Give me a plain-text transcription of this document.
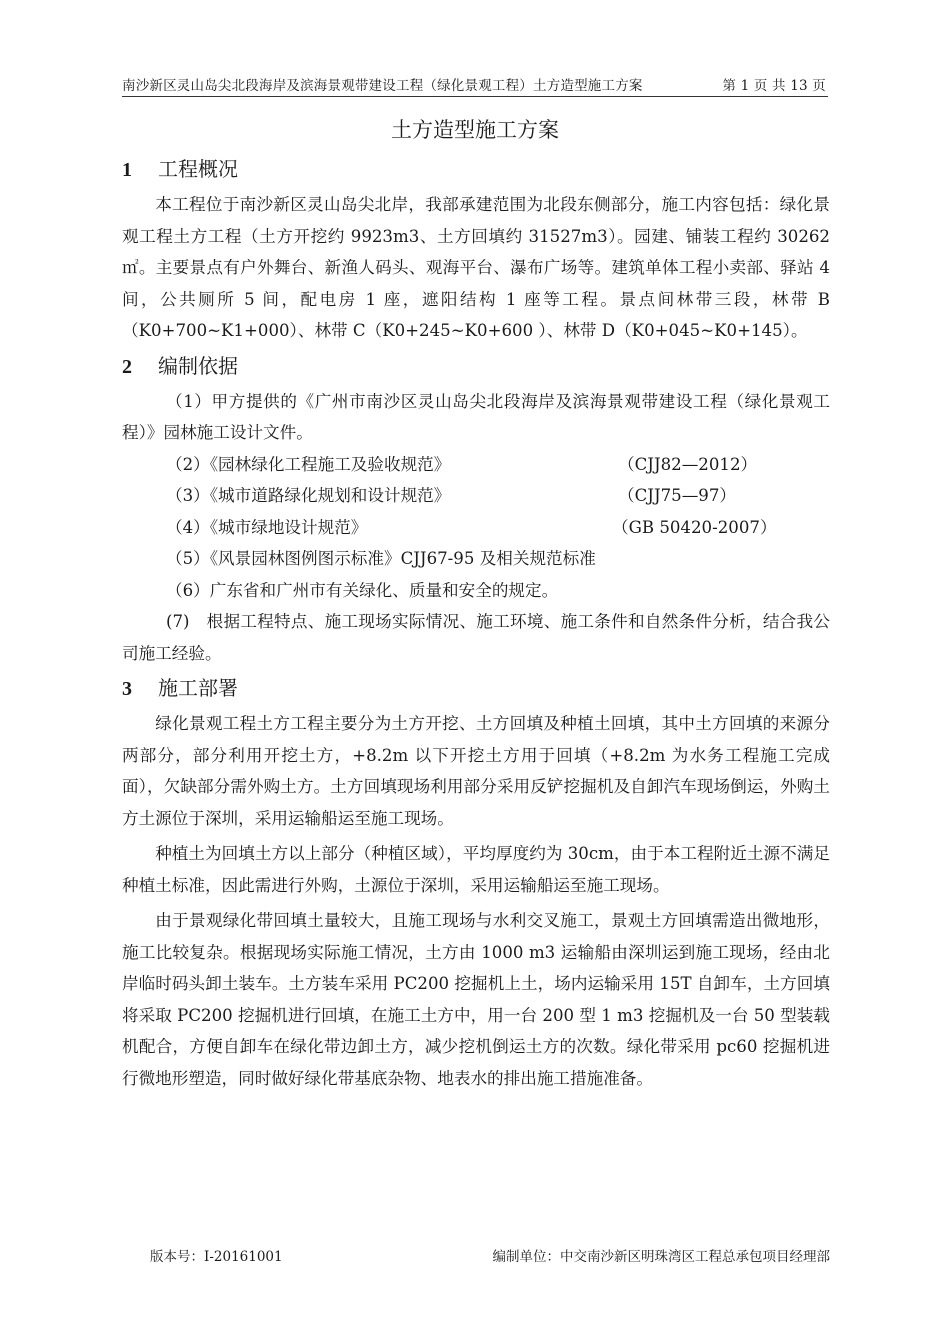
南沙新区灵山岛尖北段海岸及滨海景观带建设工程（绿化景观工程）土方造型施工方案	第 1 页 共 13 页
土方造型施工方案

1 工程概况

本工程位于南沙新区灵山岛尖北岸，我部承建范围为北段东侧部分，施工内容包括：绿化景观工程土方工程（土方开挖约 9923m3、土方回填约 31527m3）。园建、铺装工程约 30262 ㎡。主要景点有户外舞台、新渔人码头、观海平台、瀑布广场等。建筑单体工程小卖部、驿站 4 间，公共厕所 5 间，配电房 1 座，遮阳结构 1 座等工程。景点间林带三段，林带 B（K0+700~K1+000）、林带 C（K0+245~K0+600 ）、林带 D（K0+045~K0+145）。

2 编制依据

（1）甲方提供的《广州市南沙区灵山岛尖北段海岸及滨海景观带建设工程（绿化景观工程）》园林施工设计文件。

（2）《园林绿化工程施工及验收规范》	（CJJ82—2012）
（3）《城市道路绿化规划和设计规范》	（CJJ75—97）
（4）《城市绿地设计规范》	（GB 50420-2007）

（5）《风景园林图例图示标准》CJJ67-95 及相关规范标准

（6）广东省和广州市有关绿化、质量和安全的规定。

(7)　根据工程特点、施工现场实际情况、施工环境、施工条件和自然条件分析，结合我公司施工经验。

3 施工部署

绿化景观工程土方工程主要分为土方开挖、土方回填及种植土回填，其中土方回填的来源分两部分，部分利用开挖土方，+8.2m 以下开挖土方用于回填（+8.2m 为水务工程施工完成面），欠缺部分需外购土方。土方回填现场利用部分采用反铲挖掘机及自卸汽车现场倒运，外购土方土源位于深圳，采用运输船运至施工现场。

种植土为回填土方以上部分（种植区域），平均厚度约为 30cm，由于本工程附近土源不满足种植土标准，因此需进行外购，土源位于深圳，采用运输船运至施工现场。

由于景观绿化带回填土量较大，且施工现场与水利交叉施工，景观土方回填需造出微地形，施工比较复杂。根据现场实际施工情况，土方由 1000 m3 运输船由深圳运到施工现场，经由北岸临时码头卸土装车。土方装车采用 PC200 挖掘机上土，场内运输采用 15T 自卸车，土方回填将采取 PC200 挖掘机进行回填，在施工土方中，用一台 200 型 1 m3 挖掘机及一台 50 型装载机配合，方便自卸车在绿化带边卸土方，减少挖机倒运土方的次数。绿化带采用 pc60 挖掘机进行微地形塑造，同时做好绿化带基底杂物、地表水的排出施工措施准备。

版本号：I-20161001	编制单位：中交南沙新区明珠湾区工程总承包项目经理部
